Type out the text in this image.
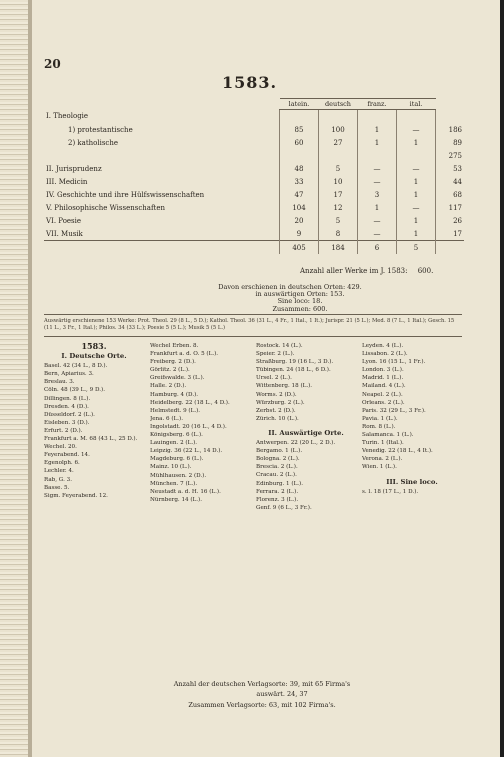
20
1583.
	latein.	deutsch	franz.	ital.	
I. Theologie					
1) protestantische	85	100	1	—	186
2) katholische	60	27	1	1	89
					275
II. Jurisprudenz	48	5	—	—	53
III. Medicin	33	10	—	1	44
IV. Geschichte und ihre Hülfswissenschaften	47	17	3	1	68
V. Philosophische Wissenschaften	104	12	1	—	117
VI. Poesie	20	5	—	1	26
VII. Musik	9	8	—	1	17
	405	184	6	5	
Anzahl aller Werke im J. 1583: 600.
Davon erschienen in deutschen Orten: 429.
in auswärtigen Orten: 153.
Sine loco: 18.
Zusammen: 600.
Auswärtig erschienene 153 Werke: Prot. Theol. 29 (8 L., 5 D.); Kathol. Theol. 36 (31 L., 4 Fr., 1 Ital., 1 It.); Jurispr. 21 (5 L.); Med. 8 (7 L., 1 Ital.); Gesch. 15 (11 L., 3 Fr., 1 Ital.); Philos. 34 (33 L.); Poesie 5 (5 L.); Musik 5 (5 L.)
1583.
I. Deutsche Orte.
Basel. 42 (34 L., 8 D.).
Bern, Apiarius. 3.
Breslau. 3.
Cöln. 48 (39 L., 9 D.).
Dillingen. 8 (L.).
Dresden. 4 (D.).
Düsseldorf. 2 (L.).
Eisleben. 3 (D.).
Erfurt. 2 (D.).
Frankfurt a. M. 68 (43 L., 25 D.).
Wechel. 20.
Feyerabend. 14.
Egenolph. 6.
Lechler. 4.
Rab, G. 3.
Basse. 5.
Sigm. Feyerabend. 12.
Wechel Erben. 8.
Frankfurt a. d. O. 5 (L.).
Freiberg. 2 (D.).
Görlitz. 2 (L.).
Greifswalde. 3 (L.).
Halle. 2 (D.).
Hamburg. 4 (D.).
Heidelberg. 22 (18 L., 4 D.).
Helmstedt. 9 (L.).
Jena. 6 (L.).
Ingolstadt. 20 (16 L., 4 D.).
Königsberg. 6 (L.).
Lauingen. 2 (L.).
Leipzig. 36 (22 L., 14 D.).
Magdeburg. 6 (L.).
Mainz. 10 (L.).
Mühlhausen. 2 (D.).
München. 7 (L.).
Neustadt a. d. H. 16 (L.).
Nürnberg. 14 (L.).
Rostock. 14 (L.).
Speier. 2 (L.).
Straßburg. 19 (16 L., 3 D.).
Tübingen. 24 (18 L., 6 D.).
Ursel. 2 (L.).
Wittenberg. 18 (L.).
Worms. 2 (D.).
Würzburg. 2 (L.).
Zerbst. 2 (D.).
Zürich. 10 (L.).
II. Auswärtige Orte.
Antwerpen. 22 (20 L., 2 D.).
Bergamo. 1 (L.).
Bologna. 2 (L.).
Brescia. 2 (L.).
Cracau. 2 (L.).
Edinburg. 1 (L.).
Ferrara. 2 (L.).
Florenz. 3 (L.).
Genf. 9 (6 L., 3 Fr.).
Leyden. 4 (L.).
Lissabon. 2 (L.).
Lyon. 16 (15 L., 1 Fr.).
London. 3 (L.).
Madrid. 1 (L.).
Mailand. 4 (L.).
Neapel. 2 (L.).
Orleans. 2 (L.).
Paris. 32 (29 L., 3 Fr.).
Pavia. 1 (L.).
Rom. 8 (L.).
Salamanca. 1 (L.).
Turin. 1 (Ital.).
Venedig. 22 (18 L., 4 It.).
Verona. 2 (L.).
Wien. 1 (L.).
III. Sine loco.
s. l. 18 (17 L., 1 D.).
Anzahl der deutschen Verlagsorte: 39, mit 65 Firma's
auswärt. 24, 37
Zusammen Verlagsorte: 63, mit 102 Firma's.
